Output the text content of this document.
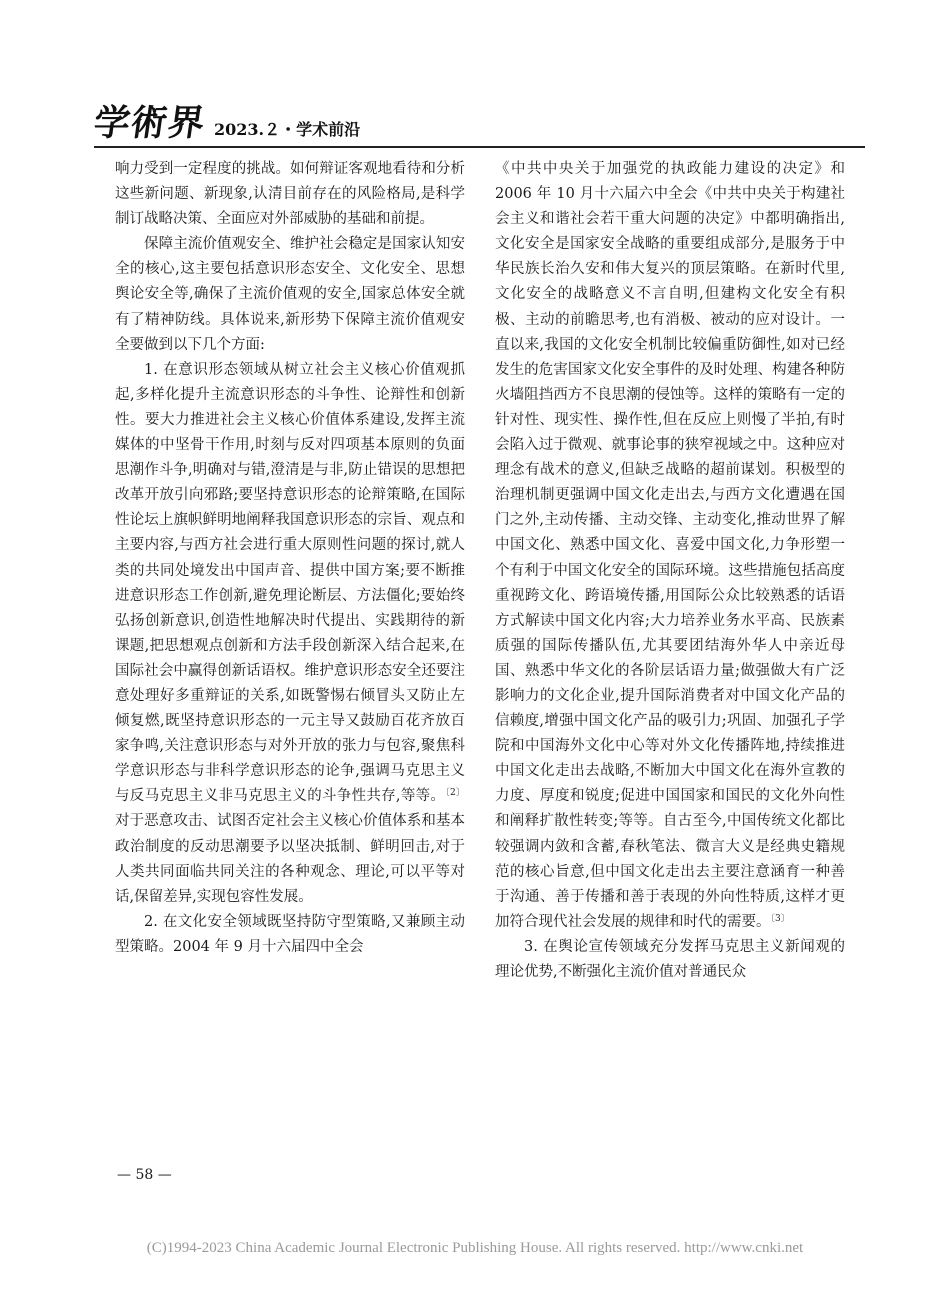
学術界 2023.２・学术前沿

响力受到一定程度的挑战。如何辩证客观地看待和分析这些新问题、新现象,认清目前存在的风险格局,是科学制订战略决策、全面应对外部威胁的基础和前提。

保障主流价值观安全、维护社会稳定是国家认知安全的核心,这主要包括意识形态安全、文化安全、思想舆论安全等,确保了主流价值观的安全,国家总体安全就有了精神防线。具体说来,新形势下保障主流价值观安全要做到以下几个方面:

1. 在意识形态领域从树立社会主义核心价值观抓起,多样化提升主流意识形态的斗争性、论辩性和创新性。要大力推进社会主义核心价值体系建设,发挥主流媒体的中坚骨干作用,时刻与反对四项基本原则的负面思潮作斗争,明确对与错,澄清是与非,防止错误的思想把改革开放引向邪路;要坚持意识形态的论辩策略,在国际性论坛上旗帜鲜明地阐释我国意识形态的宗旨、观点和主要内容,与西方社会进行重大原则性问题的探讨,就人类的共同处境发出中国声音、提供中国方案;要不断推进意识形态工作创新,避免理论断层、方法僵化;要始终弘扬创新意识,创造性地解决时代提出、实践期待的新课题,把思想观点创新和方法手段创新深入结合起来,在国际社会中赢得创新话语权。维护意识形态安全还要注意处理好多重辩证的关系,如既警惕右倾冒头又防止左倾复燃,既坚持意识形态的一元主导又鼓励百花齐放百家争鸣,关注意识形态与对外开放的张力与包容,聚焦科学意识形态与非科学意识形态的论争,强调马克思主义与反马克思主义非马克思主义的斗争性共存,等等。$^{〔2〕}$对于恶意攻击、试图否定社会主义核心价值体系和基本政治制度的反动思潮要予以坚决抵制、鲜明回击,对于人类共同面临共同关注的各种观念、理论,可以平等对话,保留差异,实现包容性发展。

2. 在文化安全领域既坚持防守型策略,又兼顾主动型策略。2004 年 9 月十六届四中全会

《中共中央关于加强党的执政能力建设的决定》和 2006 年 10 月十六届六中全会《中共中央关于构建社会主义和谐社会若干重大问题的决定》中都明确指出,文化安全是国家安全战略的重要组成部分,是服务于中华民族长治久安和伟大复兴的顶层策略。在新时代里,文化安全的战略意义不言自明,但建构文化安全有积极、主动的前瞻思考,也有消极、被动的应对设计。一直以来,我国的文化安全机制比较偏重防御性,如对已经发生的危害国家文化安全事件的及时处理、构建各种防火墙阻挡西方不良思潮的侵蚀等。这样的策略有一定的针对性、现实性、操作性,但在反应上则慢了半拍,有时会陷入过于微观、就事论事的狭窄视域之中。这种应对理念有战术的意义,但缺乏战略的超前谋划。积极型的治理机制更强调中国文化走出去,与西方文化遭遇在国门之外,主动传播、主动交锋、主动变化,推动世界了解中国文化、熟悉中国文化、喜爱中国文化,力争形塑一个有利于中国文化安全的国际环境。这些措施包括高度重视跨文化、跨语境传播,用国际公众比较熟悉的话语方式解读中国文化内容;大力培养业务水平高、民族素质强的国际传播队伍,尤其要团结海外华人中亲近母国、熟悉中华文化的各阶层话语力量;做强做大有广泛影响力的文化企业,提升国际消费者对中国文化产品的信赖度,增强中国文化产品的吸引力;巩固、加强孔子学院和中国海外文化中心等对外文化传播阵地,持续推进中国文化走出去战略,不断加大中国文化在海外宣教的力度、厚度和锐度;促进中国国家和国民的文化外向性和阐释扩散性转变;等等。自古至今,中国传统文化都比较强调内敛和含蓄,春秋笔法、微言大义是经典史籍规范的核心旨意,但中国文化走出去主要注意涵育一种善于沟通、善于传播和善于表现的外向性特质,这样才更加符合现代社会发展的规律和时代的需要。$^{〔3〕}$

3. 在舆论宣传领域充分发挥马克思主义新闻观的理论优势,不断强化主流价值对普通民众

— 58 —
(C)1994-2023 China Academic Journal Electronic Publishing House. All rights reserved. http://www.cnki.net
